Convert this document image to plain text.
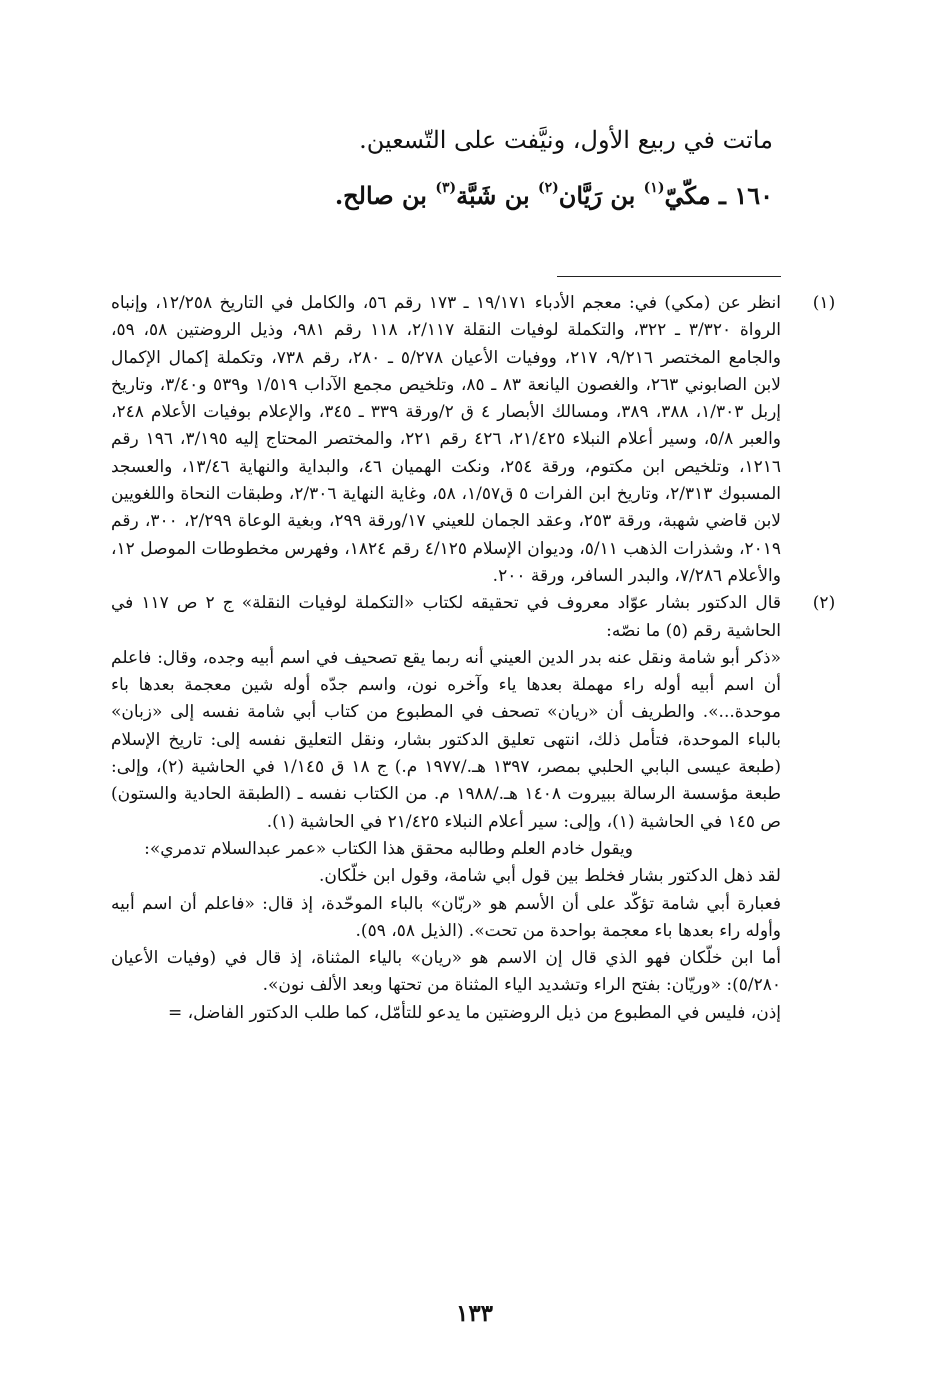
ماتت في ربيع الأول، ونيَّفت على التّسعين.
١٦٠ ـ مكّيّ$^{(١)}$ بن رَيَّان$^{(٢)}$ بن شَبَّة$^{(٣)}$ بن صالح.
(١)

انظر عن (مكي) في: معجم الأدباء ١٩/١٧١ ـ ١٧٣ رقم ٥٦، والكامل في التاريخ ١٢/٢٥٨، وإنباه الرواة ٣/٣٢٠ ـ ٣٢٢، والتكملة لوفيات النقلة ٢/١١٧، ١١٨ رقم ٩٨١، وذيل الروضتين ٥٨، ٥٩، والجامع المختصر ٩/٢١٦، ٢١٧، ووفيات الأعيان ٥/٢٧٨ ـ ٢٨٠، رقم ٧٣٨، وتكملة إكمال الإكمال لابن الصابوني ٢٦٣، والغصون اليانعة ٨٣ ـ ٨٥، وتلخيص مجمع الآداب ١/٥١٩ و٥٣٩ و٣/٤٠، وتاريخ إربل ١/٣٠٣، ٣٨٨، ٣٨٩، ومسالك الأبصار ٤ ق ٢/ورقة ٣٣٩ ـ ٣٤٥، والإعلام بوفيات الأعلام ٢٤٨، والعبر ٥/٨، وسير أعلام النبلاء ٢١/٤٢٥، ٤٢٦ رقم ٢٢١، والمختصر المحتاج إليه ٣/١٩٥، ١٩٦ رقم ١٢١٦، وتلخيص ابن مكتوم، ورقة ٢٥٤، ونكت الهميان ٤٦، والبداية والنهاية ١٣/٤٦، والعسجد المسبوك ٢/٣١٣، وتاريخ ابن الفرات ٥ ق١/٥٧، ٥٨، وغاية النهاية ٢/٣٠٦، وطبقات النحاة واللغويين لابن قاضي شهبة، ورقة ٢٥٣، وعقد الجمان للعيني ١٧/ورقة ٢٩٩، وبغية الوعاة ٢/٢٩٩، ٣٠٠، رقم ٢٠١٩، وشذرات الذهب ٥/١١، وديوان الإسلام ٤/١٢٥ رقم ١٨٢٤، وفهرس مخطوطات الموصل ١٢، والأعلام ٧/٢٨٦، والبدر السافر، ورقة ٢٠٠.

(٢)

قال الدكتور بشار عوّاد معروف في تحقيقه لكتاب «التكملة لوفيات النقلة» ج ٢ ص ١١٧ في الحاشية رقم (٥) ما نصّه:

«ذكر أبو شامة ونقل عنه بدر الدين العيني أنه ربما يقع تصحيف في اسم أبيه وجده، وقال: فاعلم أن اسم أبيه أوله راء مهملة بعدها ياء وآخره نون، واسم جدّه أوله شين معجمة بعدها باء موحدة...». والطريف أن «ريان» تصحف في المطبوع من كتاب أبي شامة نفسه إلى «زبان» بالباء الموحدة، فتأمل ذلك، انتهى تعليق الدكتور بشار، ونقل التعليق نفسه إلى: تاريخ الإسلام (طبعة عيسى البابي الحلبي بمصر، ١٣٩٧ هـ./١٩٧٧ م.) ج ١٨ ق ١/١٤٥ في الحاشية (٢)، وإلى: طبعة مؤسسة الرسالة ببيروت ١٤٠٨ هـ./١٩٨٨ م. من الكتاب نفسه ـ (الطبقة الحادية والستون) ص ١٤٥ في الحاشية (١)، وإلى: سير أعلام النبلاء ٢١/٤٢٥ في الحاشية (١).

ويقول خادم العلم وطالبه محقق هذا الكتاب «عمر عبدالسلام تدمري»:

لقد ذهل الدكتور بشار فخلط بين قول أبي شامة، وقول ابن خلّكان.

فعبارة أبي شامة تؤكّد على أن الأسم هو «ربّان» بالباء الموحّدة، إذ قال: «فاعلم أن اسم أبيه وأوله راء بعدها باء معجمة بواحدة من تحت». (الذيل ٥٨، ٥٩).

أما ابن خلّكان فهو الذي قال إن الاسم هو «ريان» بالياء المثناة، إذ قال في (وفيات الأعيان ٥/٢٨٠): «وريّان: بفتح الراء وتشديد الياء المثناة من تحتها وبعد الألف نون».

إذن، فليس في المطبوع من ذيل الروضتين ما يدعو للتأمّل، كما طلب الدكتور الفاضل، =

١٣٣
